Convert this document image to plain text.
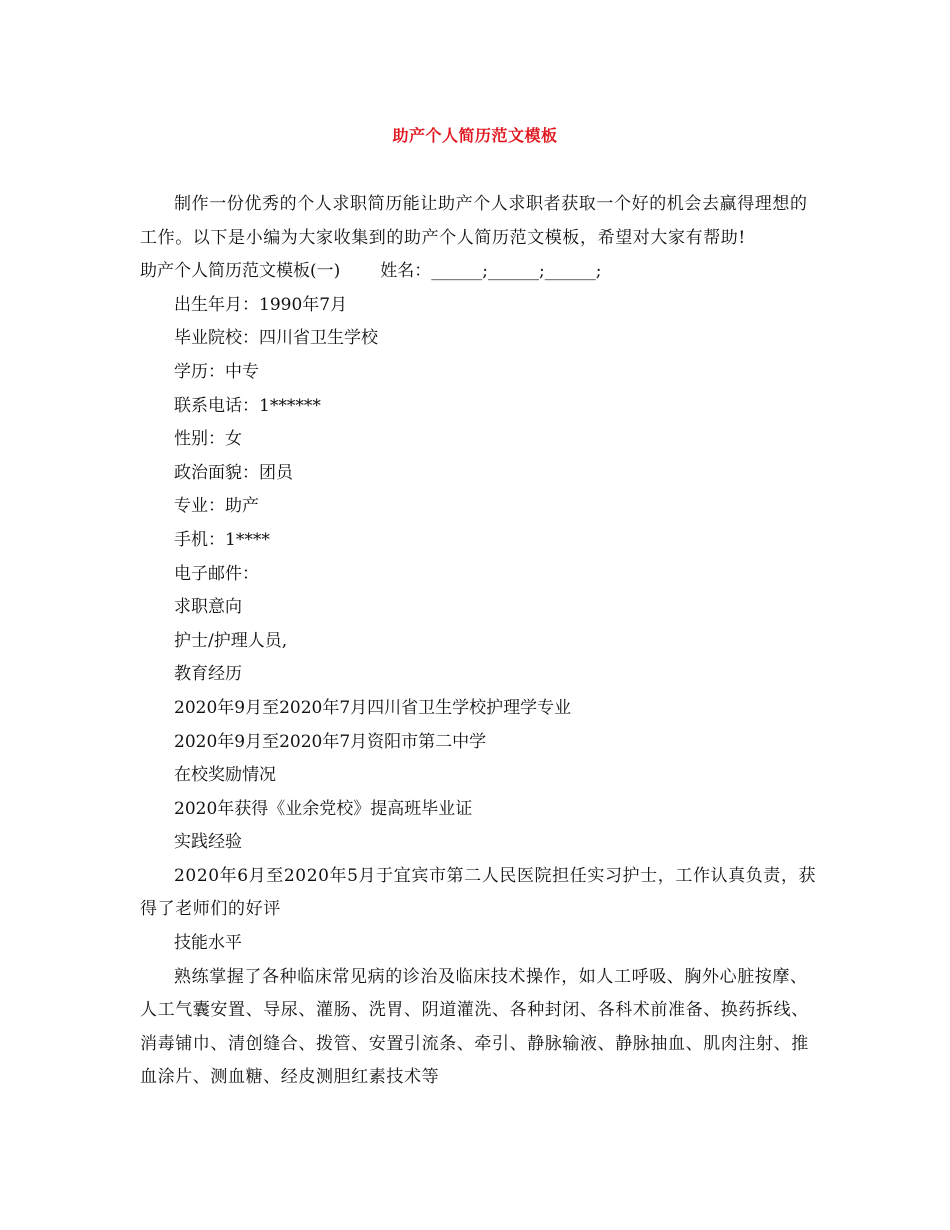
助产个人简历范文模板

制作一份优秀的个人求职简历能让助产个人求职者获取一个好的机会去赢得理想的工作。以下是小编为大家收集到的助产个人简历范文模板，希望对大家有帮助!

助产个人简历范文模板(一) 姓名：______;______;______;

出生年月：1990年7月

毕业院校：四川省卫生学校

学历：中专

联系电话：1******

性别：女

政治面貌：团员

专业：助产

手机：1****

电子邮件：

求职意向

护士/护理人员,

教育经历

2020年9月至2020年7月四川省卫生学校护理学专业

2020年9月至2020年7月资阳市第二中学

在校奖励情况

2020年获得《业余党校》提高班毕业证

实践经验

2020年6月至2020年5月于宜宾市第二人民医院担任实习护士，工作认真负责，获得了老师们的好评

技能水平

熟练掌握了各种临床常见病的诊治及临床技术操作，如人工呼吸、胸外心脏按摩、人工气囊安置、导尿、灌肠、洗胃、阴道灌洗、各种封闭、各科术前准备、换药拆线、消毒铺巾、清创缝合、拨管、安置引流条、牵引、静脉输液、静脉抽血、肌肉注射、推血涂片、测血糖、经皮测胆红素技术等
